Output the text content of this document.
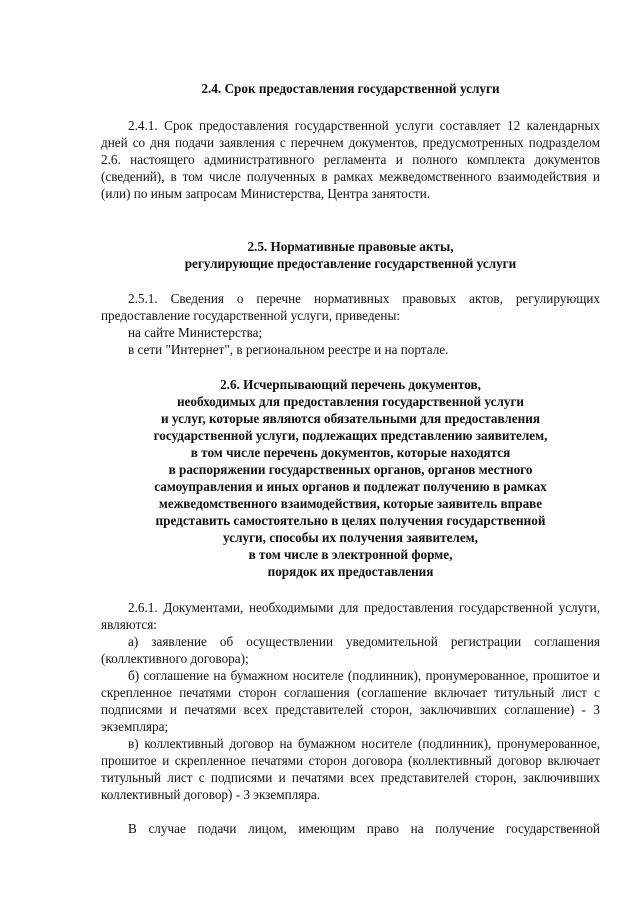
2.4. Срок предоставления государственной услуги
2.4.1. Срок предоставления государственной услуги составляет 12 календарных дней со дня подачи заявления с перечнем документов, предусмотренных подразделом 2.6. настоящего административного регламента и полного комплекта документов (сведений), в том числе полученных в рамках межведомственного взаимодействия и (или) по иным запросам Министерства, Центра занятости.
2.5. Нормативные правовые акты,
регулирующие предоставление государственной услуги
2.5.1. Сведения о перечне нормативных правовых актов, регулирующих предоставление государственной услуги, приведены:
на сайте Министерства;
в сети "Интернет", в региональном реестре и на портале.
2.6. Исчерпывающий перечень документов,
необходимых для предоставления государственной услуги
и услуг, которые являются обязательными для предоставления
государственной услуги, подлежащих представлению заявителем,
в том числе перечень документов, которые находятся
в распоряжении государственных органов, органов местного
самоуправления и иных органов и подлежат получению в рамках
межведомственного взаимодействия, которые заявитель вправе
представить самостоятельно в целях получения государственной
услуги, способы их получения заявителем,
в том числе в электронной форме,
порядок их предоставления
2.6.1. Документами, необходимыми для предоставления государственной услуги, являются:
а) заявление об осуществлении уведомительной регистрации соглашения (коллективного договора);
б) соглашение на бумажном носителе (подлинник), пронумерованное, прошитое и скрепленное печатями сторон соглашения (соглашение включает титульный лист с подписями и печатями всех представителей сторон, заключивших соглашение) - 3 экземпляра;
в) коллективный договор на бумажном носителе (подлинник), пронумерованное, прошитое и скрепленное печатями сторон договора (коллективный договор включает титульный лист с подписями и печатями всех представителей сторон, заключивших коллективный договор) - 3 экземпляра.
В случае подачи лицом, имеющим право на получение государственной
